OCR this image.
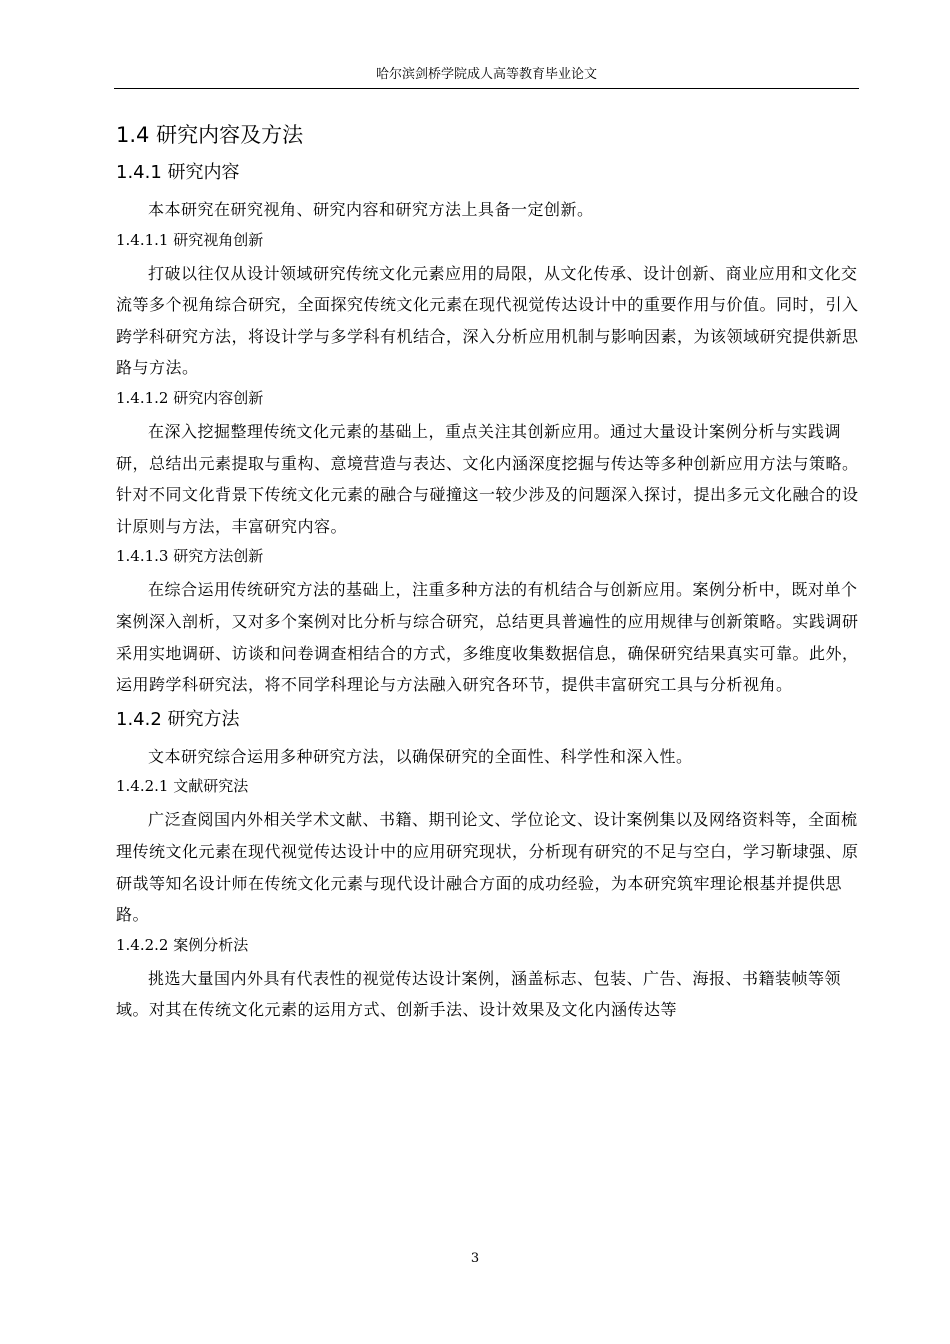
哈尔滨剑桥学院成人高等教育毕业论文
1.4 研究内容及方法
1.4.1 研究内容

本本研究在研究视角、研究内容和研究方法上具备一定创新。

1.4.1.1 研究视角创新

打破以往仅从设计领域研究传统文化元素应用的局限，从文化传承、设计创新、商业应用和文化交流等多个视角综合研究，全面探究传统文化元素在现代视觉传达设计中的重要作用与价值。同时，引入跨学科研究方法，将设计学与多学科有机结合，深入分析应用机制与影响因素，为该领域研究提供新思路与方法。

1.4.1.2 研究内容创新

在深入挖掘整理传统文化元素的基础上，重点关注其创新应用。通过大量设计案例分析与实践调研，总结出元素提取与重构、意境营造与表达、文化内涵深度挖掘与传达等多种创新应用方法与策略。针对不同文化背景下传统文化元素的融合与碰撞这一较少涉及的问题深入探讨，提出多元文化融合的设计原则与方法，丰富研究内容。

1.4.1.3 研究方法创新

在综合运用传统研究方法的基础上，注重多种方法的有机结合与创新应用。案例分析中，既对单个案例深入剖析，又对多个案例对比分析与综合研究，总结更具普遍性的应用规律与创新策略。实践调研采用实地调研、访谈和问卷调查相结合的方式，多维度收集数据信息，确保研究结果真实可靠。此外，运用跨学科研究法，将不同学科理论与方法融入研究各环节，提供丰富研究工具与分析视角。

1.4.2 研究方法

文本研究综合运用多种研究方法，以确保研究的全面性、科学性和深入性。

1.4.2.1 文献研究法

广泛查阅国内外相关学术文献、书籍、期刊论文、学位论文、设计案例集以及网络资料等，全面梳理传统文化元素在现代视觉传达设计中的应用研究现状，分析现有研究的不足与空白，学习靳埭强、原研哉等知名设计师在传统文化元素与现代设计融合方面的成功经验，为本研究筑牢理论根基并提供思路。

1.4.2.2 案例分析法

挑选大量国内外具有代表性的视觉传达设计案例，涵盖标志、包装、广告、海报、书籍装帧等领域。对其在传统文化元素的运用方式、创新手法、设计效果及文化内涵传达等

3
